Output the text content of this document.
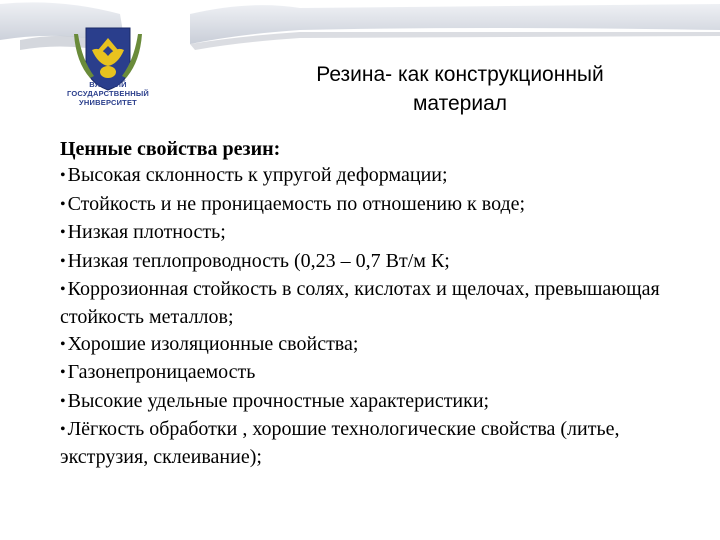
ВЯТСКИЙ
ГОСУДАРСТВЕННЫЙ
УНИВЕРСИТЕТ
Резина- как конструкционный
материал
Ценные свойства резин:
• Высокая склонность к упругой деформации;
• Стойкость и не проницаемость по отношению к воде;
• Низкая плотность;
• Низкая теплопроводность (0,23 – 0,7 Вт/м К;
• Коррозионная стойкость в солях, кислотах и щелочах, превышающая стойкость металлов;
• Хорошие изоляционные свойства;
• Газонепроницаемость
• Высокие удельные прочностные характеристики;
• Лёгкость обработки , хорошие технологические свойства (литье, экструзия, склеивание);
